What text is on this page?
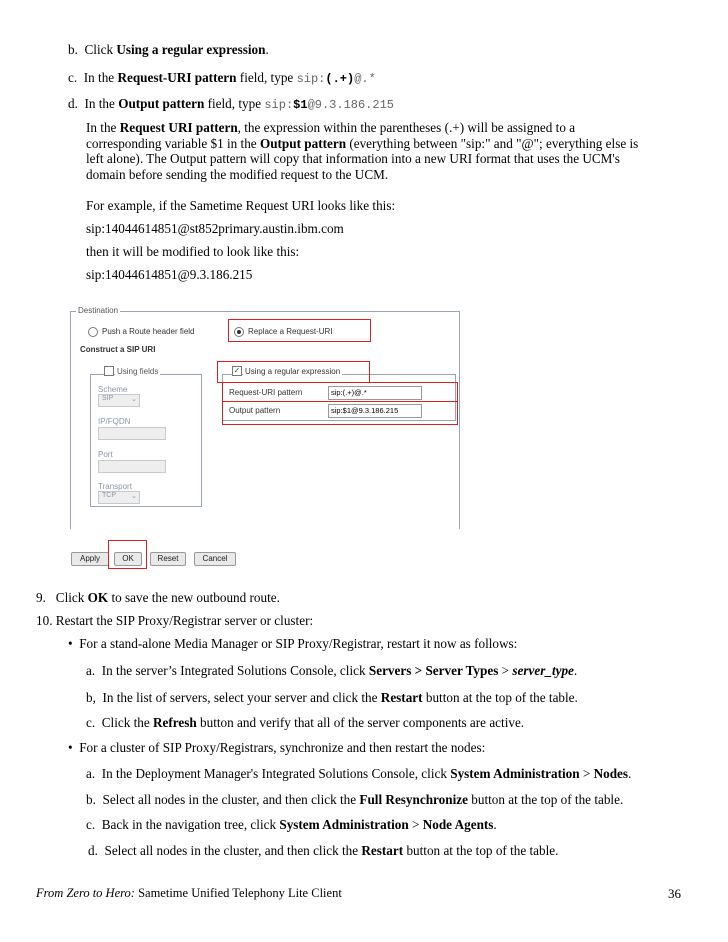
b. Click Using a regular expression.
c. In the Request-URI pattern field, type sip:(.+)@.*
d. In the Output pattern field, type sip:$1@9.3.186.215
In the Request URI pattern, the expression within the parentheses (.+) will be assigned to a
corresponding variable $1 in the Output pattern (everything between "sip:" and "@"; everything else is
left alone). The Output pattern will copy that information into a new URI format that uses the UCM's
domain before sending the modified request to the UCM.
For example, if the Sametime Request URI looks like this:
sip:14044614851@st852primary.austin.ibm.com
then it will be modified to look like this:
sip:14044614851@9.3.186.215
Destination
Push a Route header field	Replace a Request-URI
Construct a SIP URI
Using fields
Scheme
SIP	⌄
IP/FQDN
Port
Transport
TCP ⌄
✓ Using a regular expression
Request-URI pattern	sip:(.+)@.*
Output pattern	sip:$1@9.3.186.215
Apply	OK	Reset	Cancel
9. Click OK to save the new outbound route.
10. Restart the SIP Proxy/Registrar server or cluster:
• For a stand-alone Media Manager or SIP Proxy/Registrar, restart it now as follows:
a. In the server’s Integrated Solutions Console, click Servers > Server Types > server_type.
b, In the list of servers, select your server and click the Restart button at the top of the table.
c. Click the Refresh button and verify that all of the server components are active.
• For a cluster of SIP Proxy/Registrars, synchronize and then restart the nodes:
a. In the Deployment Manager's Integrated Solutions Console, click System Administration > Nodes.
b. Select all nodes in the cluster, and then click the Full Resynchronize button at the top of the table.
c. Back in the navigation tree, click System Administration > Node Agents.
d. Select all nodes in the cluster, and then click the Restart button at the top of the table.
From Zero to Hero: Sametime Unified Telephony Lite Client	36
